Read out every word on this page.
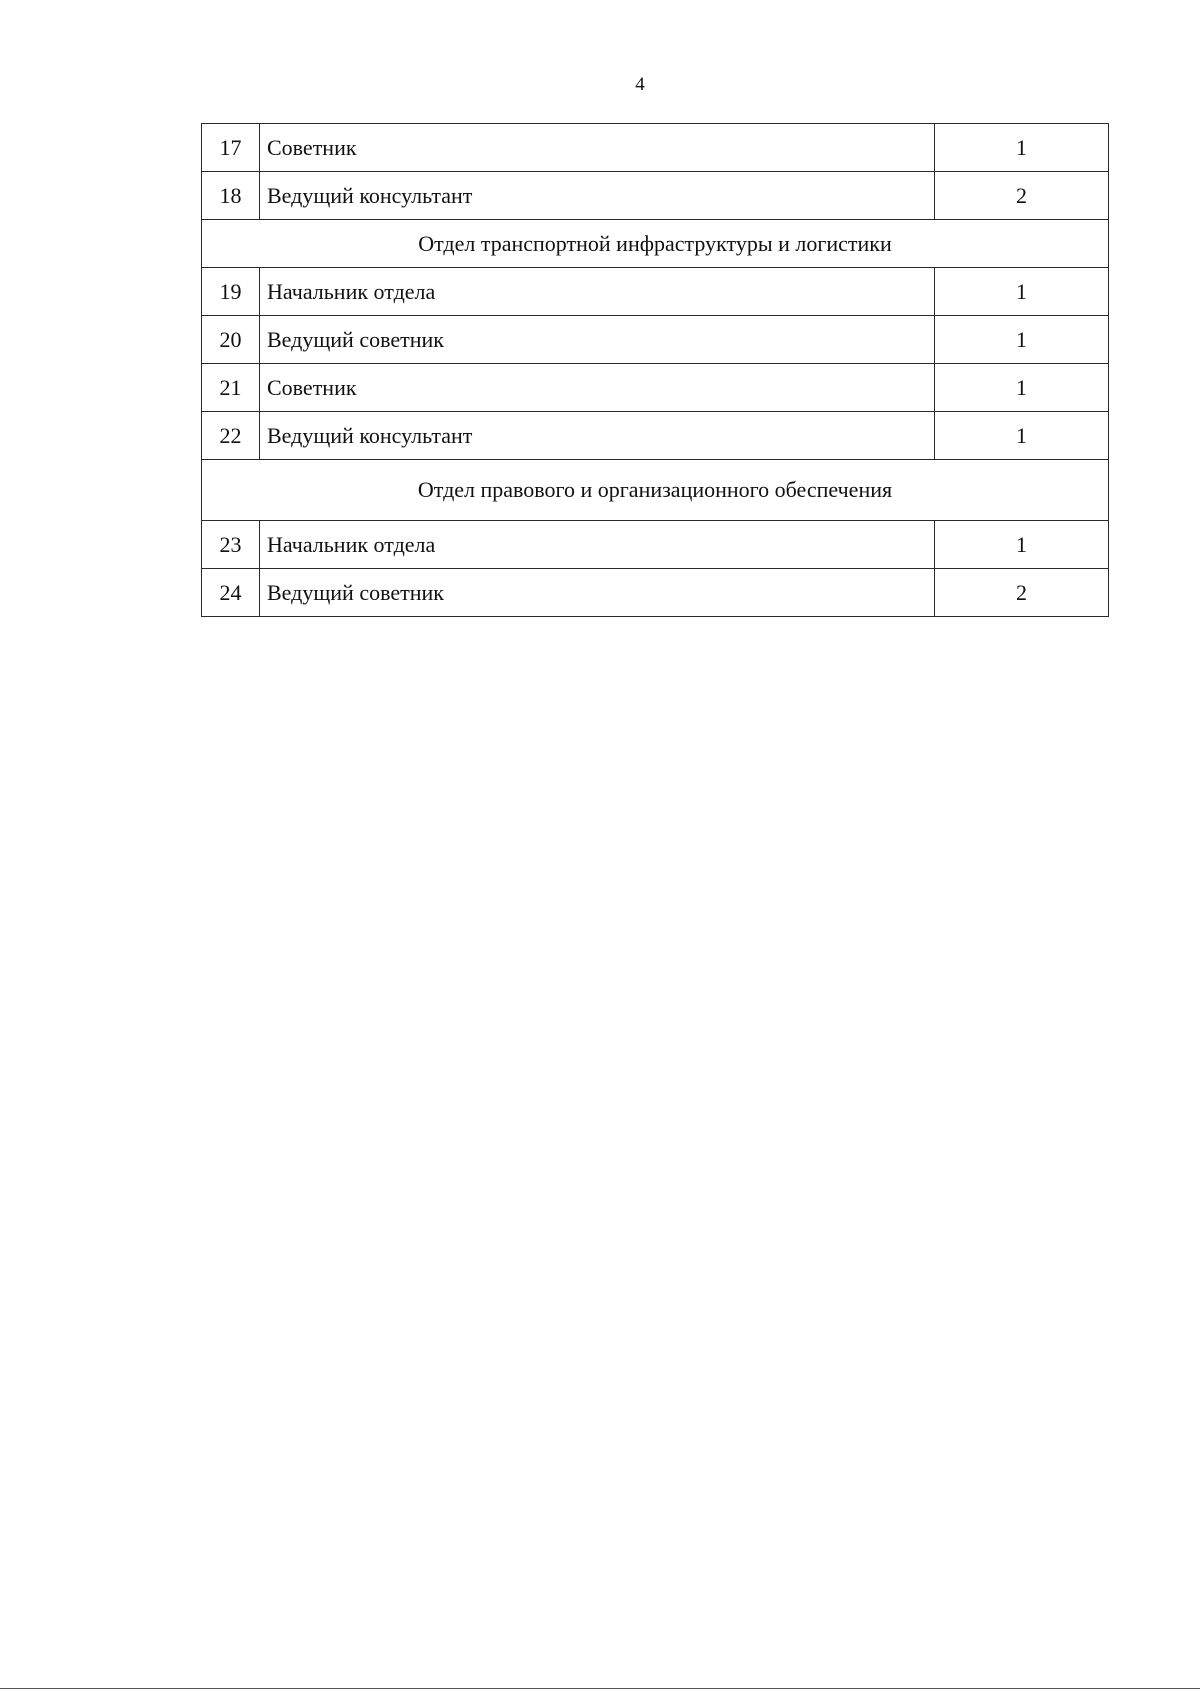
4
17	Советник	1
18	Ведущий консультант	2
Отдел транспортной инфраструктуры и логистики		
19	Начальник отдела	1
20	Ведущий советник	1
21	Советник	1
22	Ведущий консультант	1
Отдел правового и организационного обеспечения		
23	Начальник отдела	1
24	Ведущий советник	2
